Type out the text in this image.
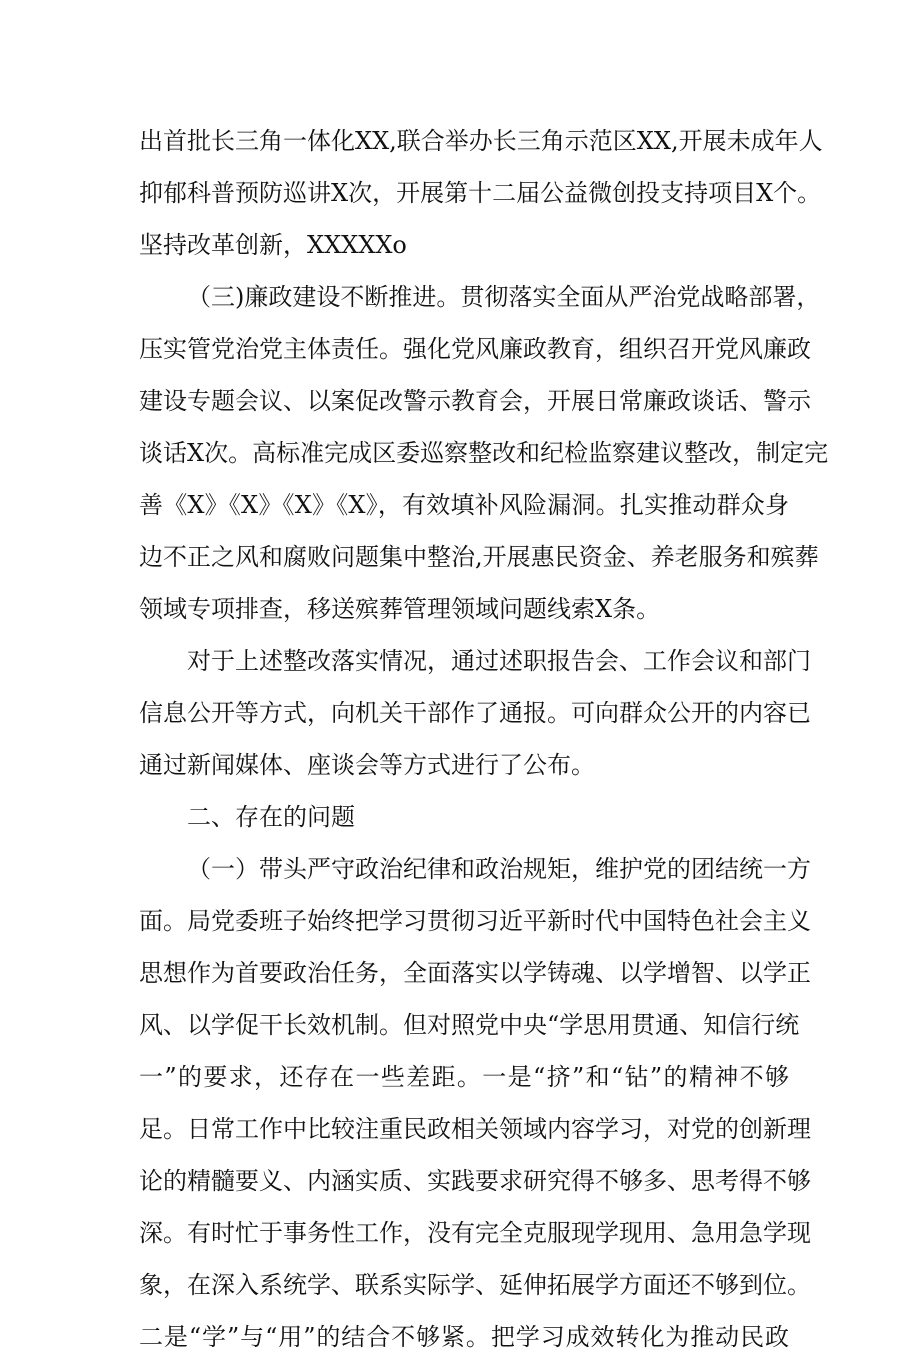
出首批长三角一体化XX,联合举办长三角示范区XX,开展未成年人
抑郁科普预防巡讲X次，开展第十二届公益微创投支持项目X个。
坚持改革创新，XXXXXo
（三)廉政建设不断推进。贯彻落实全面从严治党战略部署，
压实管党治党主体责任。强化党风廉政教育，组织召开党风廉政
建设专题会议、以案促改警示教育会，开展日常廉政谈话、警示
谈话X次。高标准完成区委巡察整改和纪检监察建议整改，制定完
善《X》《X》《X》《X》，有效填补风险漏洞。扎实推动群众身
边不正之风和腐败问题集中整治,开展惠民资金、养老服务和殡葬
领域专项排查，移送殡葬管理领域问题线索X条。
对于上述整改落实情况，通过述职报告会、工作会议和部门
信息公开等方式，向机关干部作了通报。可向群众公开的内容已
通过新闻媒体、座谈会等方式进行了公布。
二、存在的问题
（一）带头严守政治纪律和政治规矩，维护党的团结统一方
面。局党委班子始终把学习贯彻习近平新时代中国特色社会主义
思想作为首要政治任务，全面落实以学铸魂、以学增智、以学正
风、以学促干长效机制。但对照党中央“学思用贯通、知信行统
一”的要求，还存在一些差距。一是“挤”和“钻”的精神不够
足。日常工作中比较注重民政相关领域内容学习，对党的创新理
论的精髓要义、内涵实质、实践要求研究得不够多、思考得不够
深。有时忙于事务性工作，没有完全克服现学现用、急用急学现
象，在深入系统学、联系实际学、延伸拓展学方面还不够到位。
二是“学”与“用”的结合不够紧。把学习成效转化为推动民政
